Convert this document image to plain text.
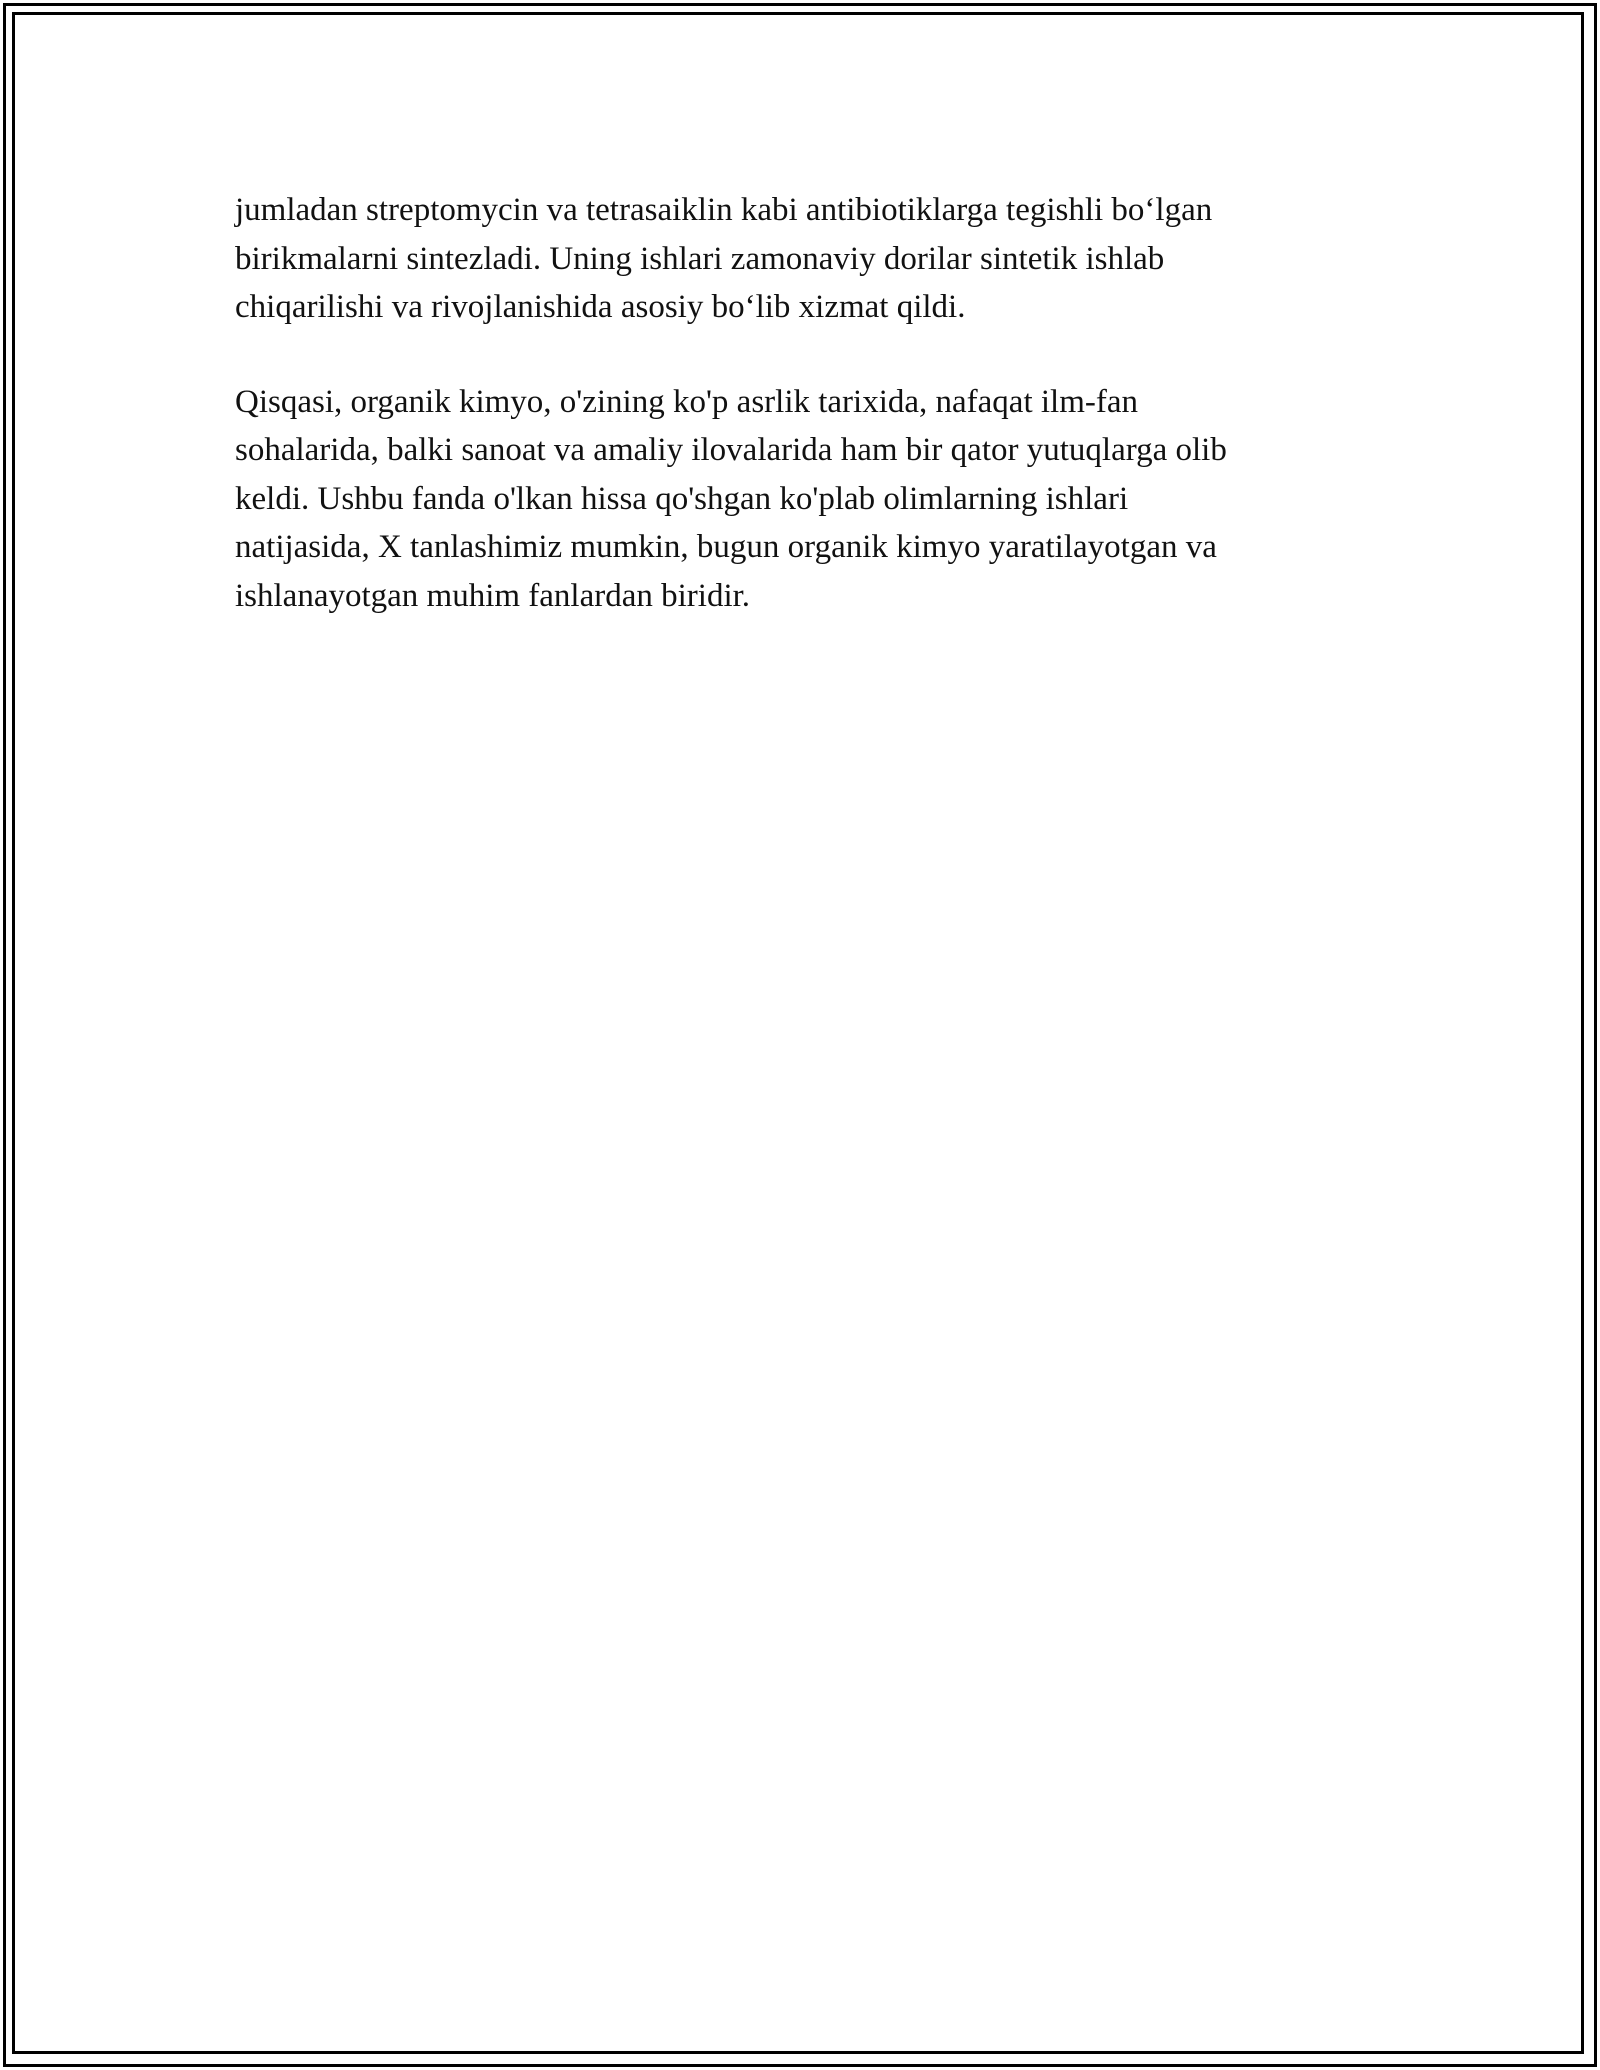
jumladan streptomycin va tetrasaiklin kabi antibiotiklarga tegishli bo‘lgan
birikmalarni sintezladi. Uning ishlari zamonaviy dorilar sintetik ishlab
chiqarilishi va rivojlanishida asosiy bo‘lib xizmat qildi.

Qisqasi, organik kimyo, o'zining ko'p asrlik tarixida, nafaqat ilm-fan
sohalarida, balki sanoat va amaliy ilovalarida ham bir qator yutuqlarga olib
keldi. Ushbu fanda o'lkan hissa qo'shgan ko'plab olimlarning ishlari
natijasida, X tanlashimiz mumkin, bugun organik kimyo yaratilayotgan va
ishlanayotgan muhim fanlardan biridir.
